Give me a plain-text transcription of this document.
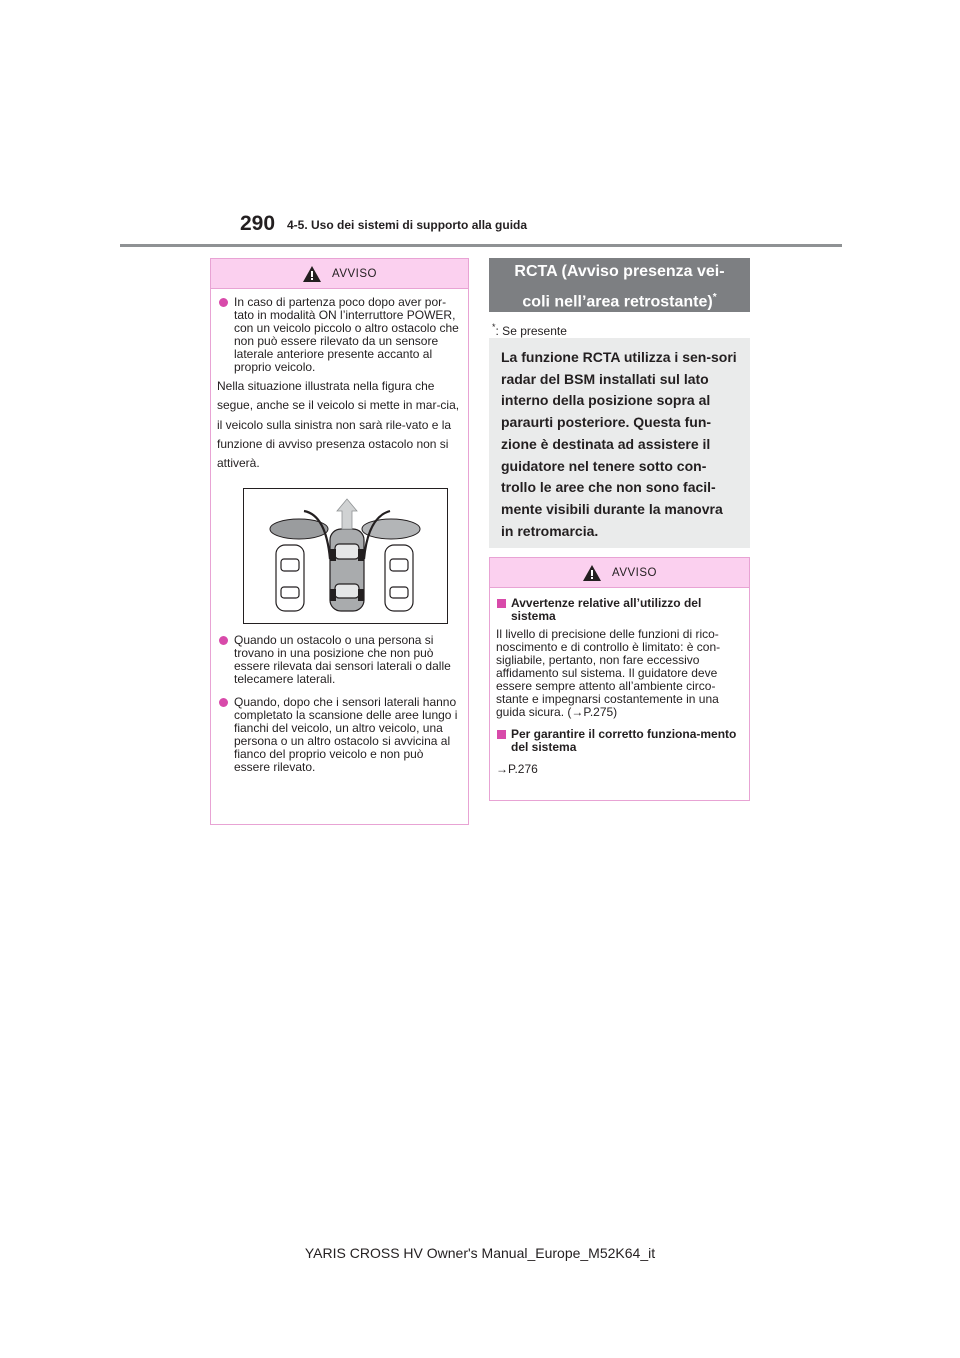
290 4-5. Uso dei sistemi di supporto alla guida
AVVISO
In caso di partenza poco dopo aver por-tato in modalità ON l’interruttore POWER, con un veicolo piccolo o altro ostacolo che non può essere rilevato da un sensore laterale anteriore presente accanto al proprio veicolo.
Nella situazione illustrata nella figura che segue, anche se il veicolo si mette in mar-cia, il veicolo sulla sinistra non sarà rile-vato e la funzione di avviso presenza ostacolo non si attiverà.
Quando un ostacolo o una persona si trovano in una posizione che non può essere rilevata dai sensori laterali o dalle telecamere laterali.
Quando, dopo che i sensori laterali hanno completato la scansione delle aree lungo i fianchi del veicolo, un altro veicolo, una persona o un altro ostacolo si avvicina al fianco del proprio veicolo e non può essere rilevato.
RCTA (Avviso presenza vei-
coli nell’area retrostante)*
*: Se presente
La funzione RCTA utilizza i sen-sori radar del BSM installati sul lato interno della posizione sopra al paraurti posteriore. Questa fun-zione è destinata ad assistere il guidatore nel tenere sotto con-trollo le aree che non sono facil-mente visibili durante la manovra in retromarcia.
AVVISO
Avvertenze relative all’utilizzo del sistema
Il livello di precisione delle funzioni di rico-noscimento e di controllo è limitato: è con-sigliabile, pertanto, non fare eccessivo affidamento sul sistema. Il guidatore deve essere sempre attento all’ambiente circo-stante e impegnarsi costantemente in una guida sicura. (→P.275)
Per garantire il corretto funziona-mento del sistema
→P.276
YARIS CROSS HV Owner's Manual_Europe_M52K64_it
